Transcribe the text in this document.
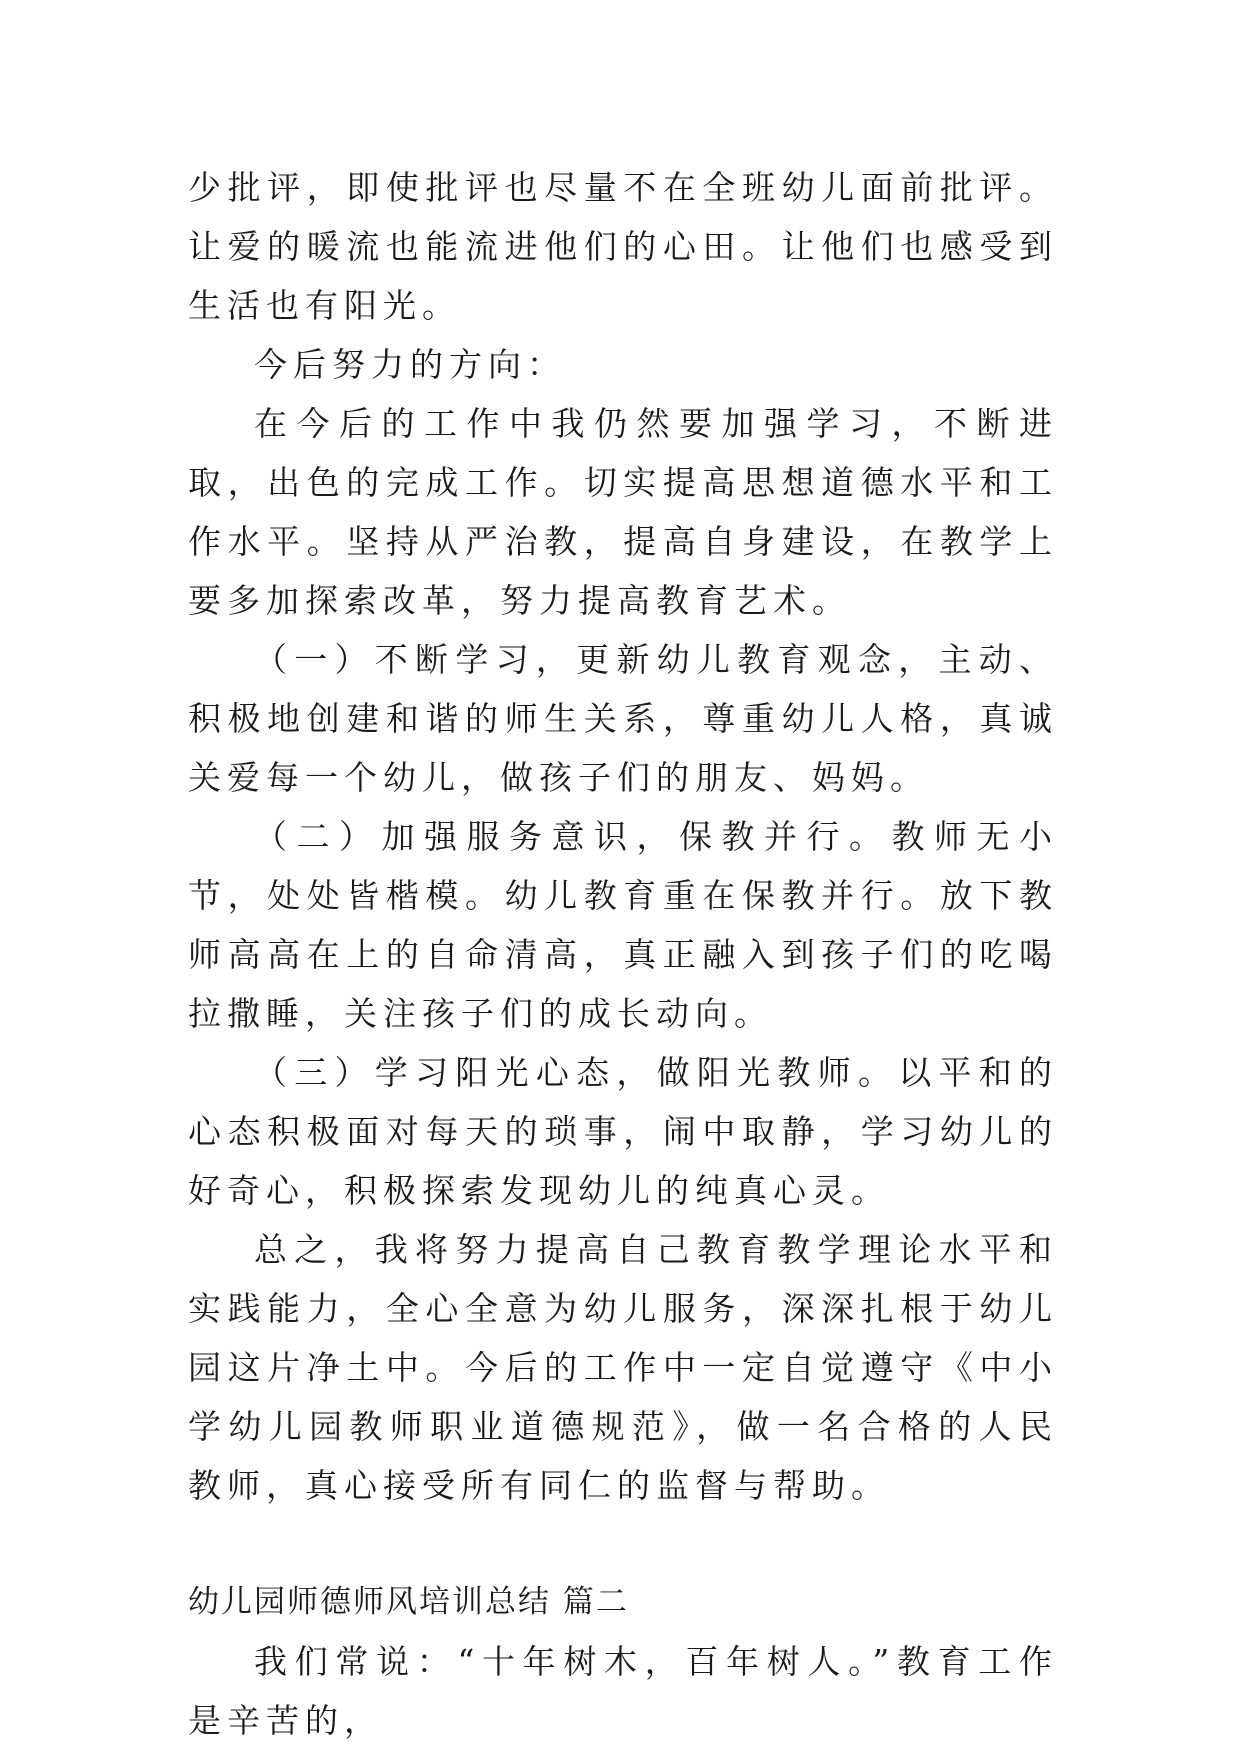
少批评，即使批评也尽量不在全班幼儿面前批评。让爱的暖流也能流进他们的心田。让他们也感受到生活也有阳光。

今后努力的方向：

在今后的工作中我仍然要加强学习，不断进取，出色的完成工作。切实提高思想道德水平和工作水平。坚持从严治教，提高自身建设，在教学上要多加探索改革，努力提高教育艺术。

（一）不断学习，更新幼儿教育观念，主动、积极地创建和谐的师生关系，尊重幼儿人格，真诚关爱每一个幼儿，做孩子们的朋友、妈妈。

（二）加强服务意识，保教并行。教师无小节，处处皆楷模。幼儿教育重在保教并行。放下教师高高在上的自命清高，真正融入到孩子们的吃喝拉撒睡，关注孩子们的成长动向。

（三）学习阳光心态，做阳光教师。以平和的心态积极面对每天的琐事，闹中取静，学习幼儿的好奇心，积极探索发现幼儿的纯真心灵。

总之，我将努力提高自己教育教学理论水平和实践能力，全心全意为幼儿服务，深深扎根于幼儿园这片净土中。今后的工作中一定自觉遵守《中小学幼儿园教师职业道德规范》，做一名合格的人民教师，真心接受所有同仁的监督与帮助。

幼儿园师德师风培训总结 篇二

我们常说：“十年树木，百年树人。”教育工作是辛苦的，
